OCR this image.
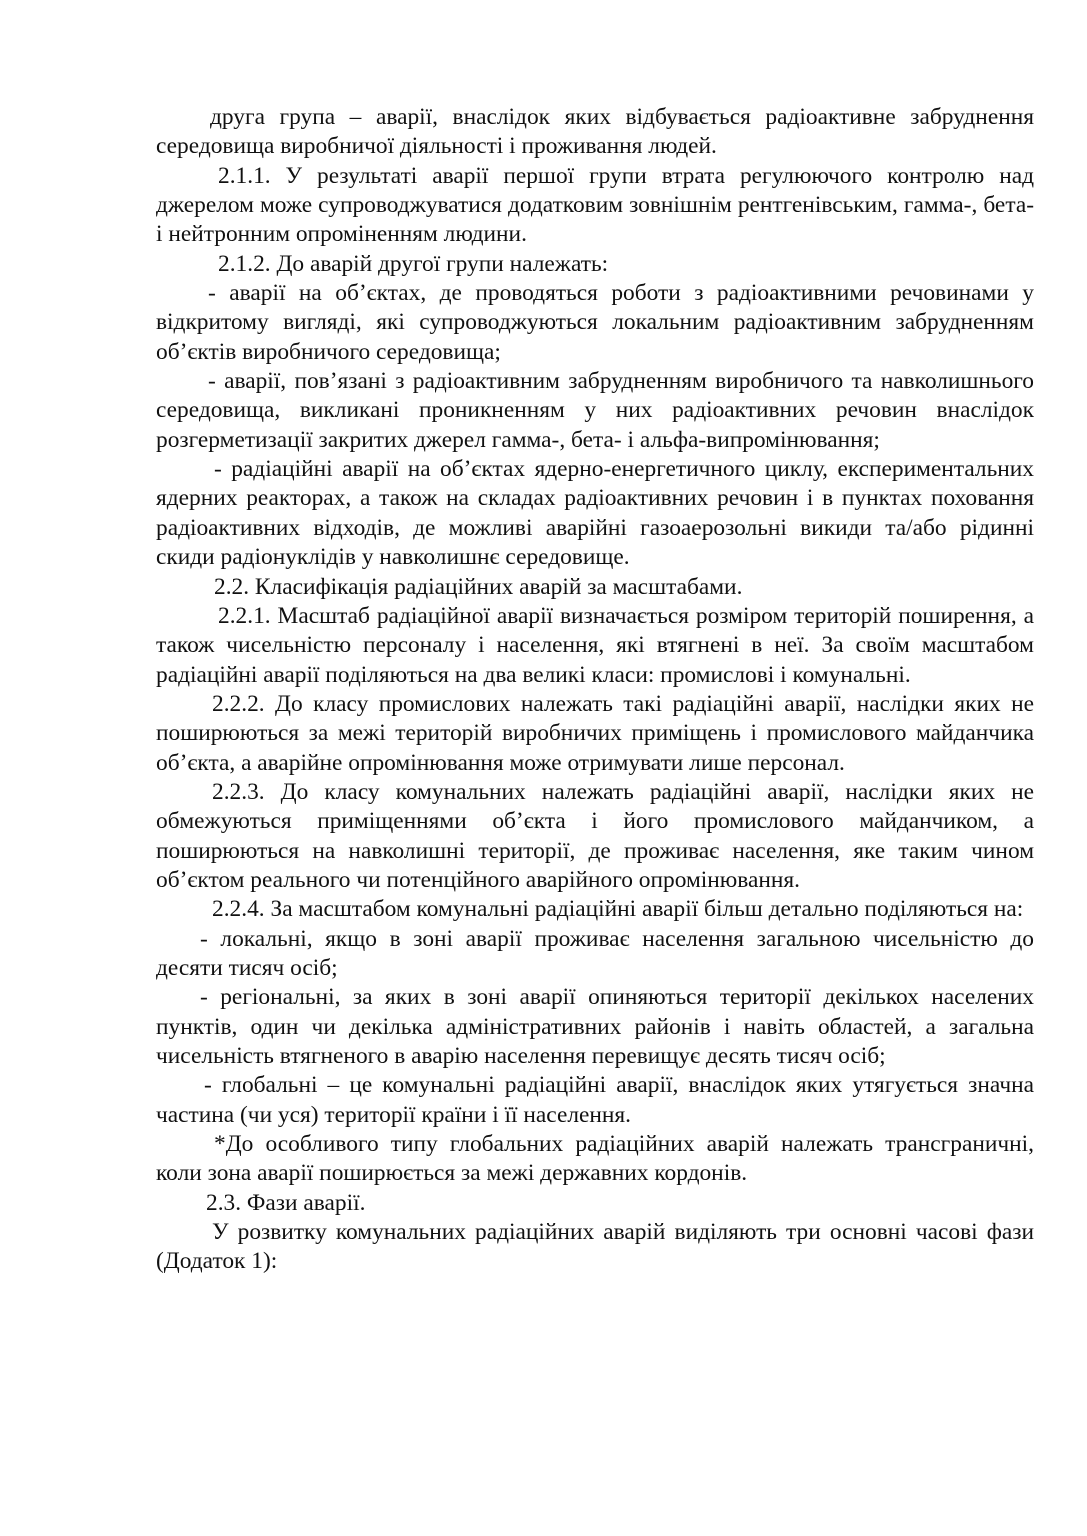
друга група – аварії, внаслідок яких відбувається радіоактивне забруднення середовища виробничої діяльності і проживання людей.

2.1.1. У результаті аварії першої групи втрата регулюючого контролю над джерелом може супроводжуватися додатковим зовнішнім рентгенівським, гамма-, бета- і нейтронним опроміненням людини.

2.1.2. До аварій другої групи належать:

- аварії на об’єктах, де проводяться роботи з радіоактивними речовинами у відкритому вигляді, які супроводжуються локальним радіоактивним забрудненням об’єктів виробничого середовища;

- аварії, пов’язані з радіоактивним забрудненням виробничого та навколишнього середовища, викликані проникненням у них радіоактивних речовин внаслідок розгерметизації закритих джерел гамма-, бета- і альфа-випромінювання;

- радіаційні аварії на об’єктах ядерно-енергетичного циклу, експериментальних ядерних реакторах, а також на складах радіоактивних речовин і в пунктах поховання радіоактивних відходів, де можливі аварійні газоаерозольні викиди та/або рідинні скиди радіонуклідів у навколишнє середовище.

2.2. Класифікація радіаційних аварій за масштабами.

2.2.1. Масштаб радіаційної аварії визначається розміром територій поширення, а також чисельністю персоналу і населення, які втягнені в неї. За своїм масштабом радіаційні аварії поділяються на два великі класи: промислові і комунальні.

2.2.2. До класу промислових належать такі радіаційні аварії, наслідки яких не поширюються за межі територій виробничих приміщень і промислового майданчика об’єкта, а аварійне опромінювання може отримувати лише персонал.

2.2.3. До класу комунальних належать радіаційні аварії, наслідки яких не обмежуються приміщеннями об’єкта і його промислового майданчиком, а поширюються на навколишні території, де проживає населення, яке таким чином об’єктом реального чи потенційного аварійного опромінювання.

2.2.4. За масштабом комунальні радіаційні аварії більш детально поділяються на:

- локальні, якщо в зоні аварії проживає населення загальною чисельністю до десяти тисяч осіб;

- регіональні, за яких в зоні аварії опиняються території декількох населених пунктів, один чи декілька адміністративних районів і навіть областей, а загальна чисельність втягненого в аварію населення перевищує десять тисяч осіб;

- глобальні – це комунальні радіаційні аварії, внаслідок яких утягується значна частина (чи уся) території країни і її населення.

*До особливого типу глобальних радіаційних аварій належать трансграничні, коли зона аварії поширюється за межі державних кордонів.

2.3. Фази аварії.

У розвитку комунальних радіаційних аварій виділяють три основні часові фази (Додаток 1):
